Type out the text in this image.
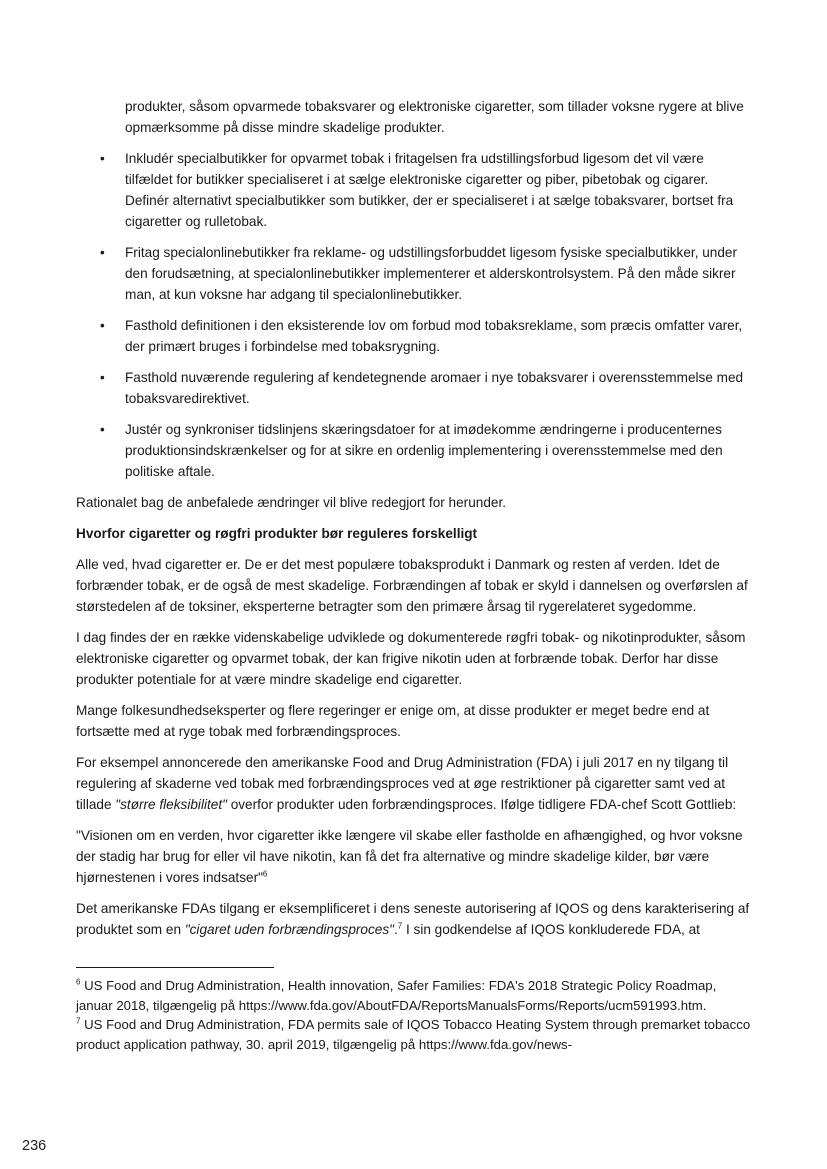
produkter, såsom opvarmede tobaksvarer og elektroniske cigaretter, som tillader voksne rygere at blive opmærksomme på disse mindre skadelige produkter.

• Inkludér specialbutikker for opvarmet tobak i fritagelsen fra udstillingsforbud ligesom det vil være tilfældet for butikker specialiseret i at sælge elektroniske cigaretter og piber, pibetobak og cigarer. Definér alternativt specialbutikker som butikker, der er specialiseret i at sælge tobaksvarer, bortset fra cigaretter og rulletobak.
• Fritag specialonlinebutikker fra reklame- og udstillingsforbuddet ligesom fysiske specialbutikker, under den forudsætning, at specialonlinebutikker implementerer et alderskontrolsystem. På den måde sikrer man, at kun voksne har adgang til specialonlinebutikker.
• Fasthold definitionen i den eksisterende lov om forbud mod tobaksreklame, som præcis omfatter varer, der primært bruges i forbindelse med tobaksrygning.
• Fasthold nuværende regulering af kendetegnende aromaer i nye tobaksvarer i overensstemmelse med tobaksvaredirektivet.
• Justér og synkroniser tidslinjens skæringsdatoer for at imødekomme ændringerne i producenternes produktionsindskrænkelser og for at sikre en ordenlig implementering i overensstemmelse med den politiske aftale.

Rationalet bag de anbefalede ændringer vil blive redegjort for herunder.

Hvorfor cigaretter og røgfri produkter bør reguleres forskelligt

Alle ved, hvad cigaretter er. De er det mest populære tobaksprodukt i Danmark og resten af verden. Idet de forbrænder tobak, er de også de mest skadelige. Forbrændingen af tobak er skyld i dannelsen og overførslen af størstedelen af de toksiner, eksperterne betragter som den primære årsag til rygerelateret sygedomme.

I dag findes der en række videnskabelige udviklede og dokumenterede røgfri tobak- og nikotinprodukter, såsom elektroniske cigaretter og opvarmet tobak, der kan frigive nikotin uden at forbrænde tobak. Derfor har disse produkter potentiale for at være mindre skadelige end cigaretter.

Mange folkesundhedseksperter og flere regeringer er enige om, at disse produkter er meget bedre end at fortsætte med at ryge tobak med forbrændingsproces.

For eksempel annoncerede den amerikanske Food and Drug Administration (FDA) i juli 2017 en ny tilgang til regulering af skaderne ved tobak med forbrændingsproces ved at øge restriktioner på cigaretter samt ved at tillade "større fleksibilitet" overfor produkter uden forbrændingsproces. Ifølge tidligere FDA-chef Scott Gottlieb:

"Visionen om en verden, hvor cigaretter ikke længere vil skabe eller fastholde en afhængighed, og hvor voksne der stadig har brug for eller vil have nikotin, kan få det fra alternative og mindre skadelige kilder, bør være hjørnestenen i vores indsatser"$^6$

Det amerikanske FDAs tilgang er eksemplificeret i dens seneste autorisering af IQOS og dens karakterisering af produktet som en "cigaret uden forbrændingsproces".$^7$ I sin godkendelse af IQOS konkluderede FDA, at

$^6$ US Food and Drug Administration, Health innovation, Safer Families: FDA's 2018 Strategic Policy Roadmap, januar 2018, tilgængelig på https://www.fda.gov/AboutFDA/ReportsManualsForms/Reports/ucm591993.htm.

$^7$ US Food and Drug Administration, FDA permits sale of IQOS Tobacco Heating System through premarket tobacco product application pathway, 30. april 2019, tilgængelig på https://www.fda.gov/news-

236
